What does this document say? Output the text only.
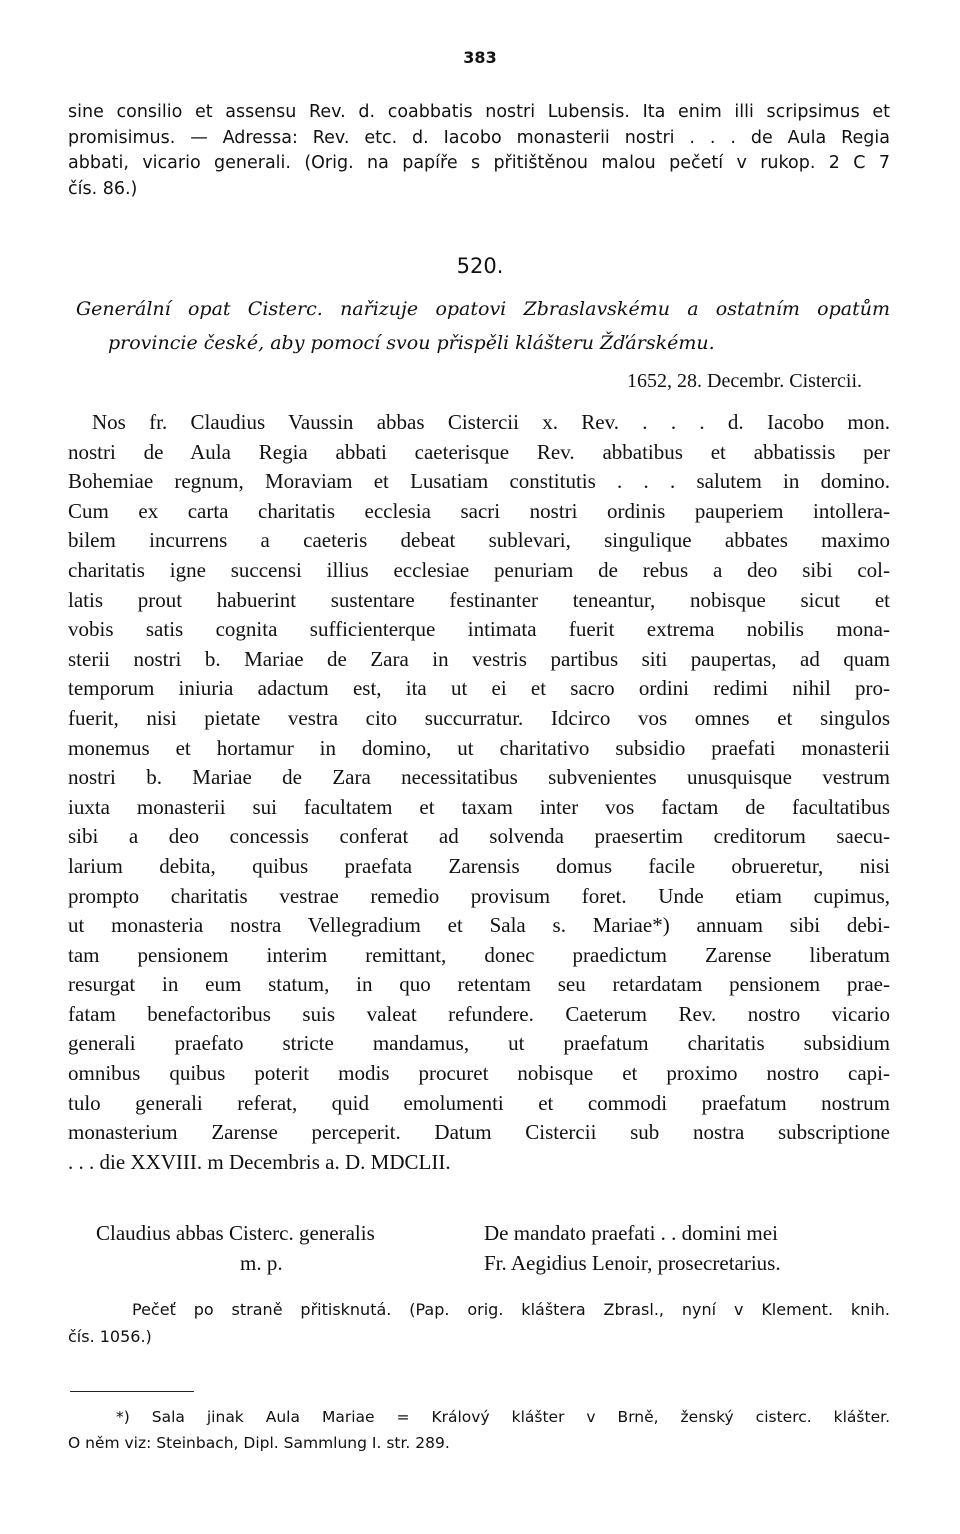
383

sine consilio et assensu Rev. d. coabbatis nostri Lubensis. Ita enim illi scripsimus et

promisimus. — Adressa: Rev. etc. d. Iacobo monasterii nostri . . . de Aula Regia

abbati, vicario generali. (Orig. na papíře s přitištěnou malou pečetí v rukop. 2 C 7

čís. 86.)

520.

Generální opat Cisterc. nařizuje opatovi Zbraslavskému a ostatním opatům

provincie české, aby pomocí svou přispěli klášteru Žďárskému.

1652, 28. Decembr. Cistercii.

Nos fr. Claudius Vaussin abbas Cistercii x. Rev. . . . d. Iacobo mon.

nostri de Aula Regia abbati caeterisque Rev. abbatibus et abbatissis per

Bohemiae regnum, Moraviam et Lusatiam constitutis . . . salutem in domino.

Cum ex carta charitatis ecclesia sacri nostri ordinis pauperiem intollera-

bilem incurrens a caeteris debeat sublevari, singulique abbates maximo

charitatis igne succensi illius ecclesiae penuriam de rebus a deo sibi col-

latis prout habuerint sustentare festinanter teneantur, nobisque sicut et

vobis satis cognita sufficienterque intimata fuerit extrema nobilis mona-

sterii nostri b. Mariae de Zara in vestris partibus siti paupertas, ad quam

temporum iniuria adactum est, ita ut ei et sacro ordini redimi nihil pro-

fuerit, nisi pietate vestra cito succurratur. Idcirco vos omnes et singulos

monemus et hortamur in domino, ut charitativo subsidio praefati monasterii

nostri b. Mariae de Zara necessitatibus subvenientes unusquisque vestrum

iuxta monasterii sui facultatem et taxam inter vos factam de facultatibus

sibi a deo concessis conferat ad solvenda praesertim creditorum saecu-

larium debita, quibus praefata Zarensis domus facile obrueretur, nisi

prompto charitatis vestrae remedio provisum foret. Unde etiam cupimus,

ut monasteria nostra Vellegradium et Sala s. Mariae*) annuam sibi debi-

tam pensionem interim remittant, donec praedictum Zarense liberatum

resurgat in eum statum, in quo retentam seu retardatam pensionem prae-

fatam benefactoribus suis valeat refundere. Caeterum Rev. nostro vicario

generali praefato stricte mandamus, ut praefatum charitatis subsidium

omnibus quibus poterit modis procuret nobisque et proximo nostro capi-

tulo generali referat, quid emolumenti et commodi praefatum nostrum

monasterium Zarense perceperit. Datum Cistercii sub nostra subscriptione

. . . die XXVIII. m Decembris a. D. MDCLII.

Claudius abbas Cisterc. generalis
m. p.
De mandato praefati . . domini mei
Fr. Aegidius Lenoir, prosecretarius.

Pečeť po straně přitisknutá. (Pap. orig. kláštera Zbrasl., nyní v Klement. knih.

čís. 1056.)

*) Sala jinak Aula Mariae = Králový klášter v Brně, ženský cisterc. klášter.

O něm viz: Steinbach, Dipl. Sammlung I. str. 289.
